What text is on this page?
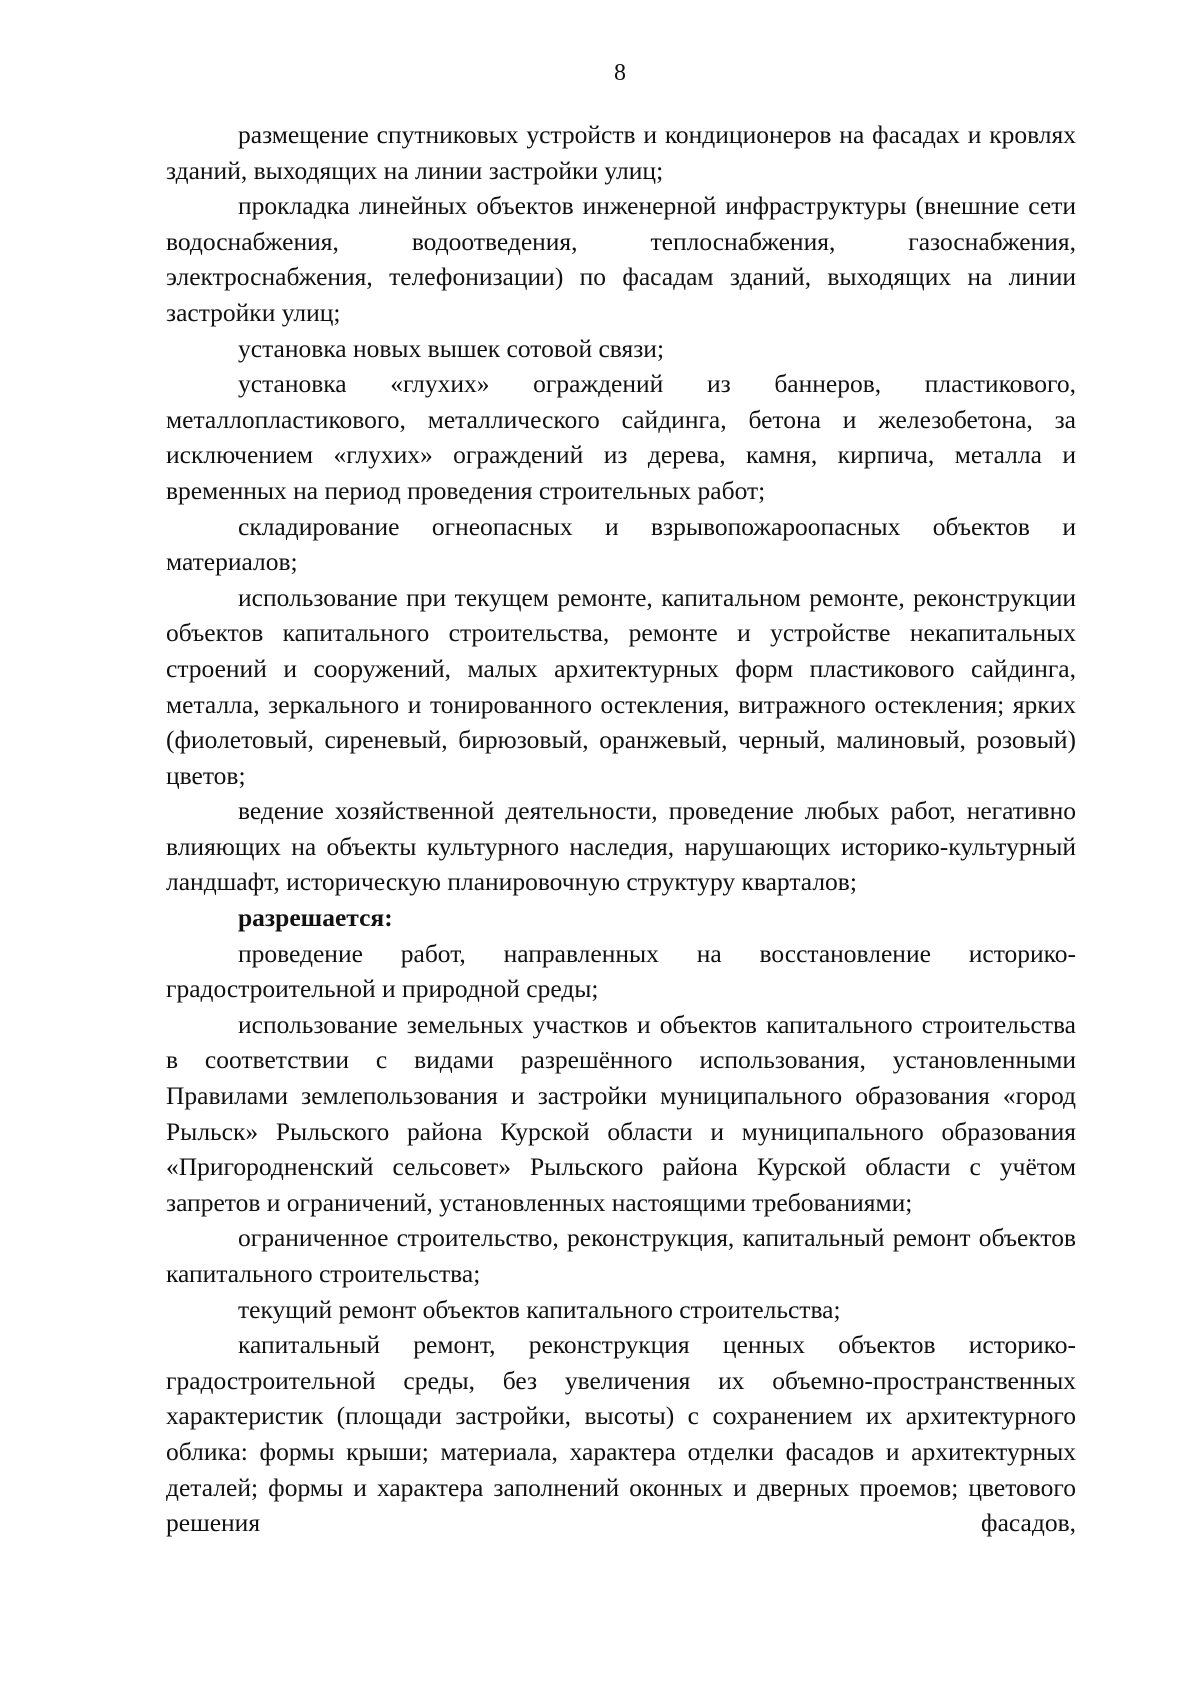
8

размещение спутниковых устройств и кондиционеров на фасадах и кровлях зданий, выходящих на линии застройки улиц;

прокладка линейных объектов инженерной инфраструктуры (внешние сети водоснабжения, водоотведения, теплоснабжения, газоснабжения, электроснабжения, телефонизации) по фасадам зданий, выходящих на линии застройки улиц;

установка новых вышек сотовой связи;

установка «глухих» ограждений из баннеров, пластикового, металлопластикового, металлического сайдинга, бетона и железобетона, за исключением «глухих» ограждений из дерева, камня, кирпича, металла и временных на период проведения строительных работ;

складирование огнеопасных и взрывопожароопасных объектов и материалов;

использование при текущем ремонте, капитальном ремонте, реконструкции объектов капитального строительства, ремонте и устройстве некапитальных строений и сооружений, малых архитектурных форм пластикового сайдинга, металла, зеркального и тонированного остекления, витражного остекления; ярких (фиолетовый, сиреневый, бирюзовый, оранжевый, черный, малиновый, розовый) цветов;

ведение хозяйственной деятельности, проведение любых работ, негативно влияющих на объекты культурного наследия, нарушающих историко-культурный ландшафт, историческую планировочную структуру кварталов;

разрешается:

проведение работ, направленных на восстановление историко-градостроительной и природной среды;

использование земельных участков и объектов капитального строительства в соответствии с видами разрешённого использования, установленными Правилами землепользования и застройки муниципального образования «город Рыльск» Рыльского района Курской области и муниципального образования «Пригородненский сельсовет» Рыльского района Курской области с учётом запретов и ограничений, установленных настоящими требованиями;

ограниченное строительство, реконструкция, капитальный ремонт объектов капитального строительства;

текущий ремонт объектов капитального строительства;

капитальный ремонт, реконструкция ценных объектов историко-градостроительной среды, без увеличения их объемно-пространственных характеристик (площади застройки, высоты) с сохранением их архитектурного облика: формы крыши; материала, характера отделки фасадов и архитектурных деталей; формы и характера заполнений оконных и дверных проемов; цветового решения фасадов,
